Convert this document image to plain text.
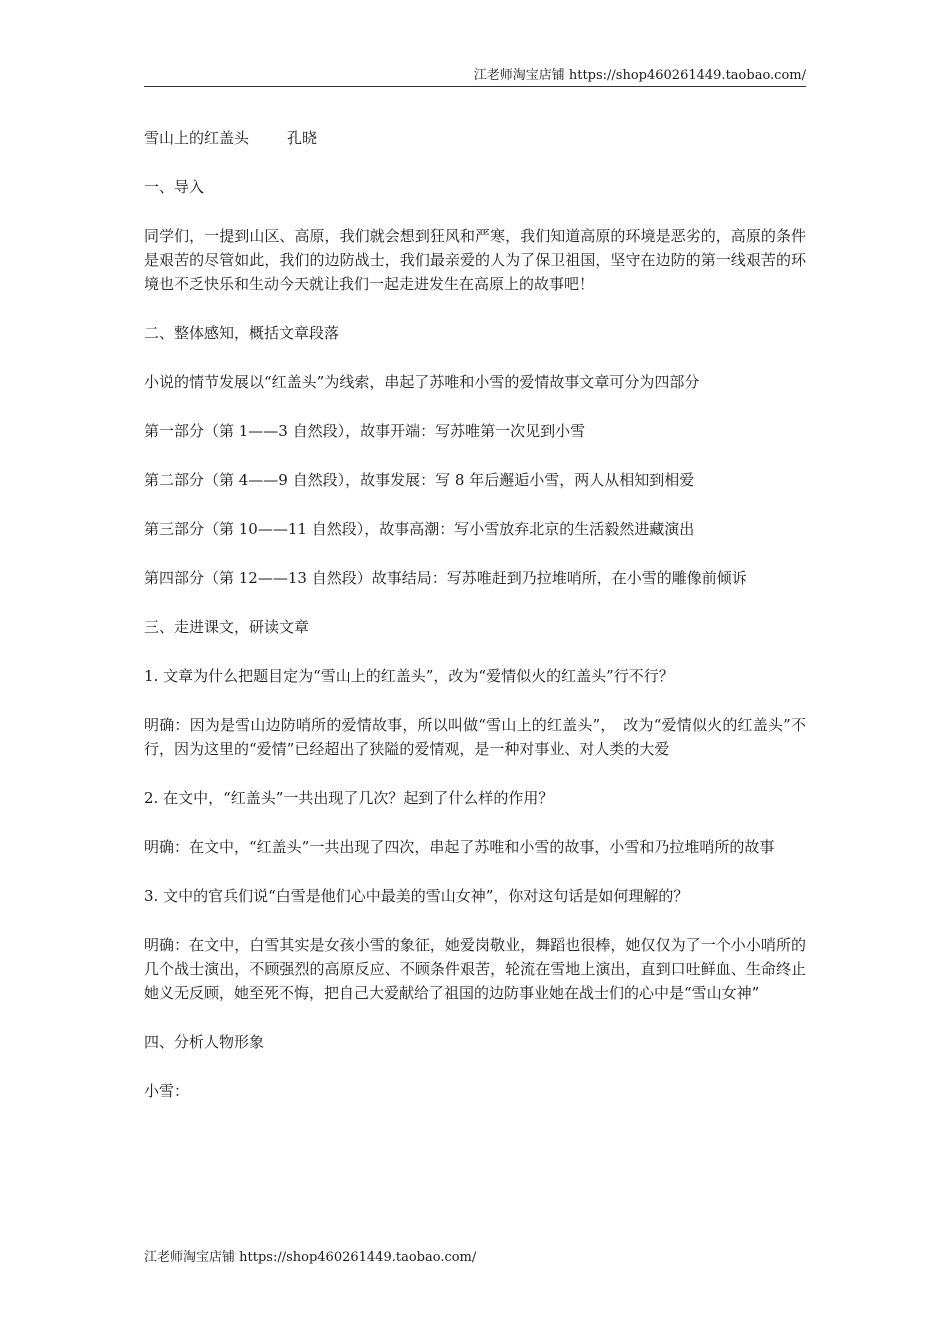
江老师淘宝店铺 https://shop460261449.taobao.com/

雪山上的红盖头	孔晓

一、导入

同学们，一提到山区、高原，我们就会想到狂风和严寒，我们知道高原的环境是恶劣的，高原的条件是艰苦的尽管如此，我们的边防战士，我们最亲爱的人为了保卫祖国，坚守在边防的第一线艰苦的环境也不乏快乐和生动今天就让我们一起走进发生在高原上的故事吧！

二、整体感知，概括文章段落

小说的情节发展以“红盖头”为线索，串起了苏唯和小雪的爱情故事文章可分为四部分

第一部分（第 1——3 自然段），故事开端：写苏唯第一次见到小雪

第二部分（第 4——9 自然段），故事发展：写 8 年后邂逅小雪，两人从相知到相爱

第三部分（第 10——11 自然段），故事高潮：写小雪放弃北京的生活毅然进藏演出

第四部分（第 12——13 自然段）故事结局：写苏唯赶到乃拉堆哨所，在小雪的雕像前倾诉

三、走进课文，研读文章

1. 文章为什么把题目定为“雪山上的红盖头”，改为“爱情似火的红盖头”行不行？

明确：因为是雪山边防哨所的爱情故事，所以叫做“雪山上的红盖头”，　改为“爱情似火的红盖头”不行，因为这里的“爱情”已经超出了狭隘的爱情观，是一种对事业、对人类的大爱

2. 在文中，“红盖头”一共出现了几次？起到了什么样的作用？

明确：在文中，“红盖头”一共出现了四次，串起了苏唯和小雪的故事，小雪和乃拉堆哨所的故事

3. 文中的官兵们说“白雪是他们心中最美的雪山女神”，你对这句话是如何理解的？

明确：在文中，白雪其实是女孩小雪的象征，她爱岗敬业，舞蹈也很棒，她仅仅为了一个小小哨所的几个战士演出，不顾强烈的高原反应、不顾条件艰苦，轮流在雪地上演出，直到口吐鲜血、生命终止她义无反顾，她至死不悔，把自己大爱献给了祖国的边防事业她在战士们的心中是“雪山女神”

四、分析人物形象

小雪：

江老师淘宝店铺 https://shop460261449.taobao.com/
